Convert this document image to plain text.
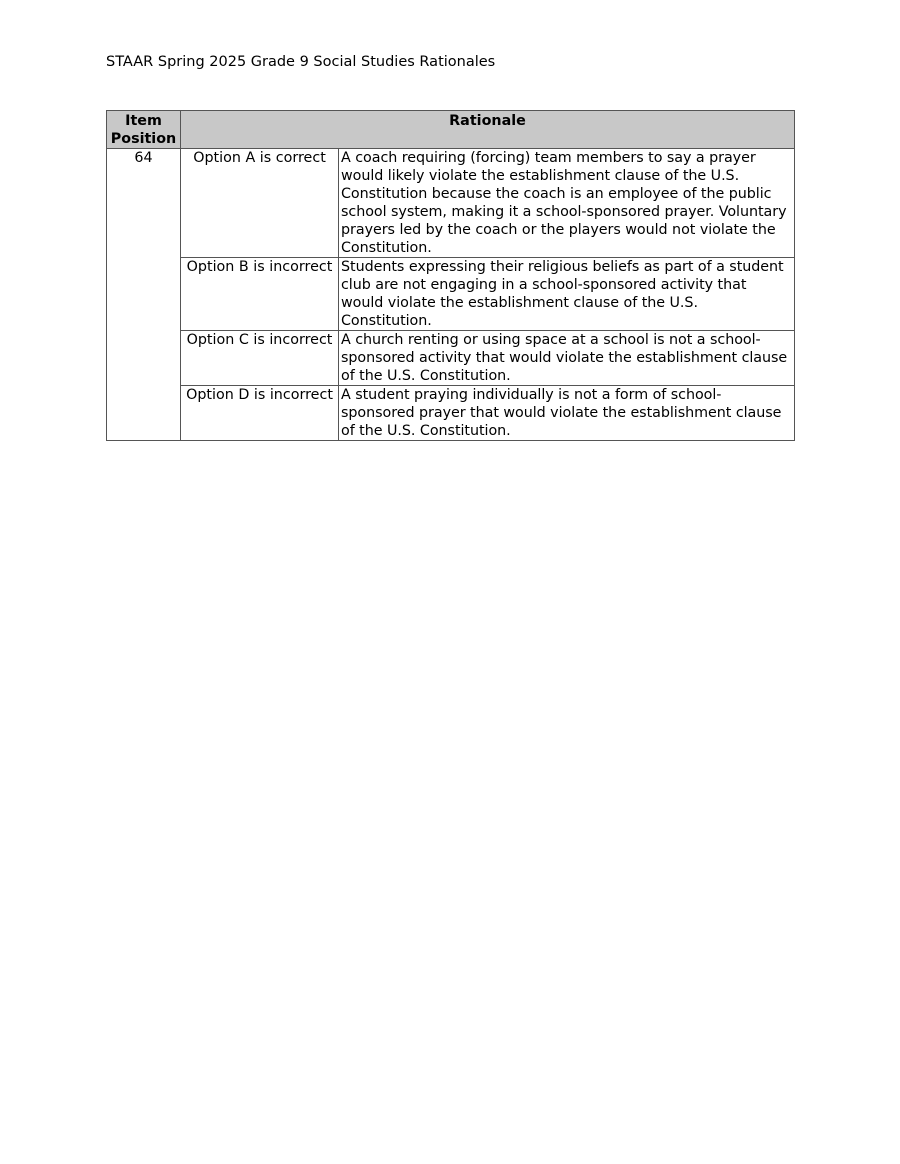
STAAR Spring 2025 Grade 9 Social Studies Rationales
Item
Position	Rationale	
64	Option A is correct	A coach requiring (forcing) team members to say a prayer would likely violate the establishment clause of the U.S. Constitution because the coach is an employee of the public school system, making it a school-sponsored prayer. Voluntary prayers led by the coach or the players would not violate the Constitution.
	Option B is incorrect	Students expressing their religious beliefs as part of a student club are not engaging in a school-sponsored activity that would violate the establishment clause of the U.S. Constitution.
	Option C is incorrect	A church renting or using space at a school is not a school-sponsored activity that would violate the establishment clause of the U.S. Constitution.
	Option D is incorrect	A student praying individually is not a form of school-sponsored prayer that would violate the establishment clause of the U.S. Constitution.
